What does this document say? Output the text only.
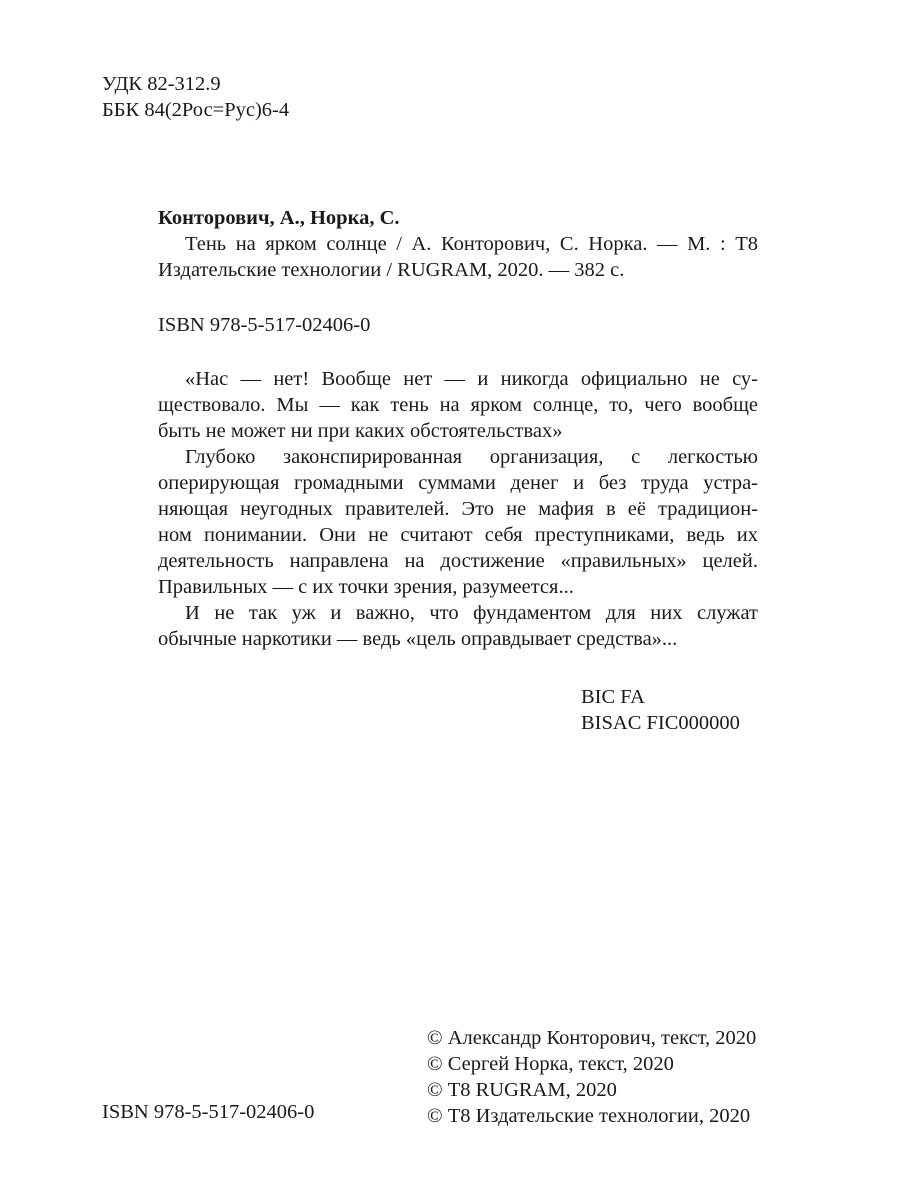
УДК 82-312.9
ББК 84(2Рос=Рус)6-4
Конторович, А., Норка, С.
Тень на ярком солнце / А. Конторович, С. Норка. — М. : Т8
Издательские технологии / RUGRAM, 2020. — 382 с.
ISBN 978-5-517-02406-0
«Нас — нет! Вообще нет — и никогда официально не су-
ществовало. Мы — как тень на ярком солнце, то, чего вообще
быть не может ни при каких обстоятельствах»
Глубоко законспирированная организация, с легкостью
оперирующая громадными суммами денег и без труда устра-
няющая неугодных правителей. Это не мафия в её традицион-
ном понимании. Они не считают себя преступниками, ведь их
деятельность направлена на достижение «правильных» целей.
Правильных — с их точки зрения, разумеется...
И не так уж и важно, что фундаментом для них служат
обычные наркотики — ведь «цель оправдывает средства»...
BIC FA
BISAC FIC000000
ISBN 978-5-517-02406-0
© Александр Конторович, текст, 2020
© Сергей Норка, текст, 2020
© Т8 RUGRAM, 2020
© Т8 Издательские технологии, 2020
